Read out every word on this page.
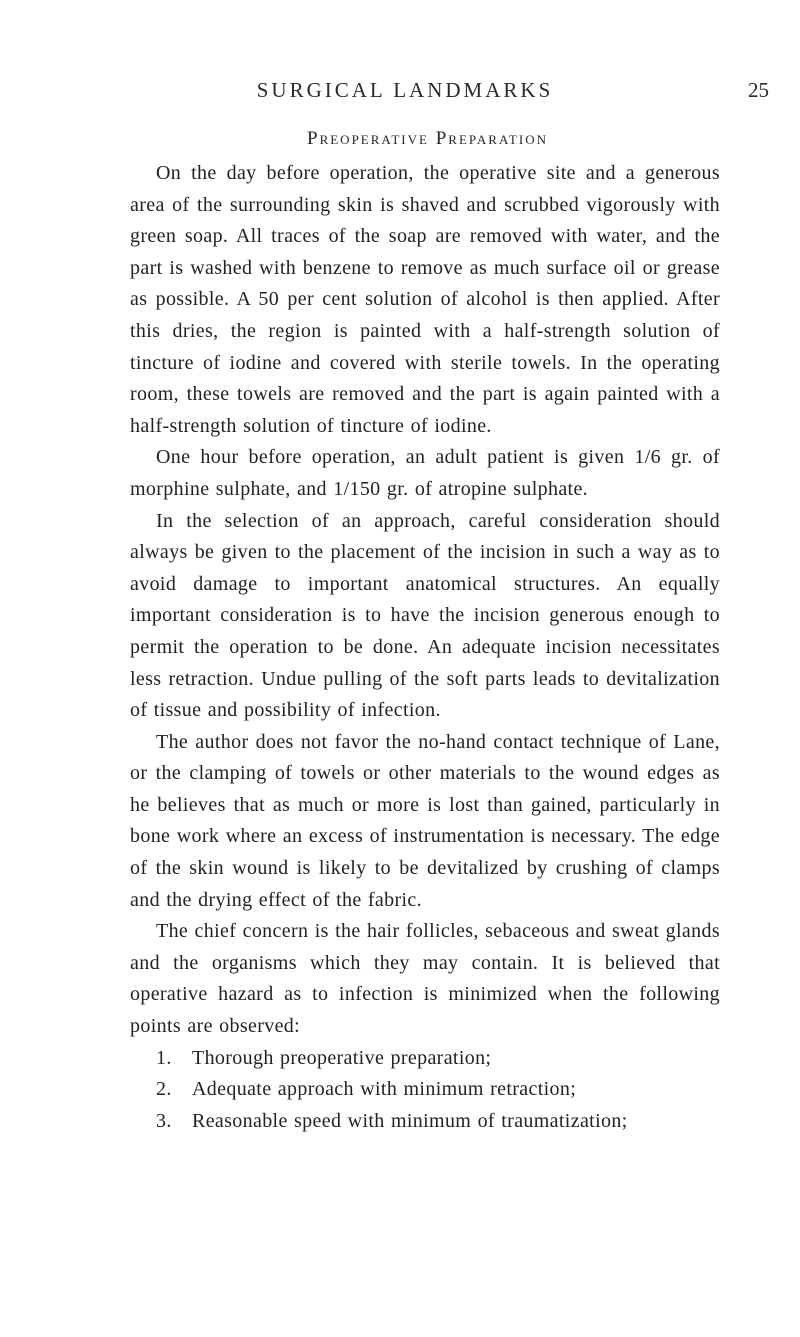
SURGICAL LANDMARKS	25
Preoperative Preparation

On the day before operation, the operative site and a generous area of the surrounding skin is shaved and scrubbed vigorously with green soap. All traces of the soap are removed with water, and the part is washed with benzene to remove as much surface oil or grease as possible. A 50 per cent solution of alcohol is then applied. After this dries, the region is painted with a half-strength solution of tincture of iodine and covered with sterile towels. In the operating room, these towels are removed and the part is again painted with a half-strength solution of tincture of iodine.

One hour before operation, an adult patient is given 1/6 gr. of morphine sulphate, and 1/150 gr. of atropine sulphate.

In the selection of an approach, careful consideration should always be given to the placement of the incision in such a way as to avoid damage to important anatomical structures. An equally important consideration is to have the incision generous enough to permit the operation to be done. An adequate incision necessitates less retraction. Undue pulling of the soft parts leads to devitalization of tissue and possibility of infection.

The author does not favor the no-hand contact technique of Lane, or the clamping of towels or other materials to the wound edges as he believes that as much or more is lost than gained, particularly in bone work where an excess of instrumentation is necessary. The edge of the skin wound is likely to be devitalized by crushing of clamps and the drying effect of the fabric.

The chief concern is the hair follicles, sebaceous and sweat glands and the organisms which they may contain. It is believed that operative hazard as to infection is minimized when the following points are observed:

1.	Thorough preoperative preparation;
2.	Adequate approach with minimum retraction;
3.	Reasonable speed with minimum of traumatization;
